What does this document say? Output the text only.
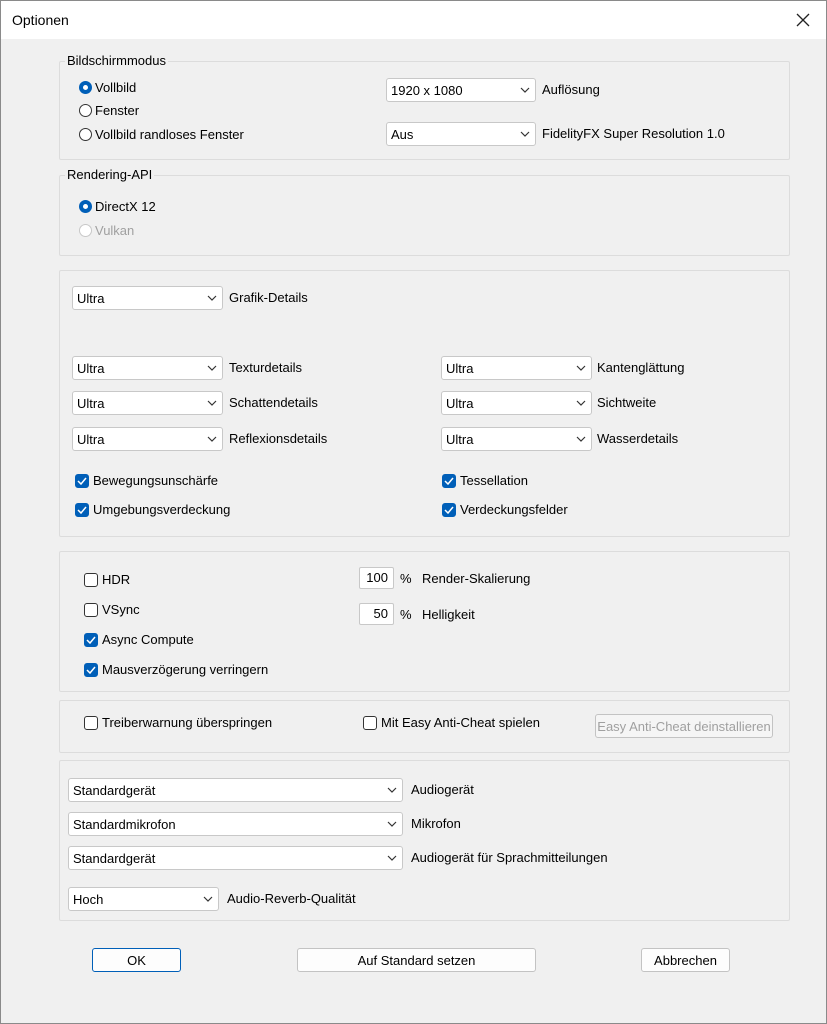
Optionen
Bildschirmmodus
Vollbild
Fenster
Vollbild randloses Fenster
1920 x 1080	Auflösung
Aus	FidelityFX Super Resolution 1.0
Rendering-API
DirectX 12
Vulkan
Ultra	Grafik-Details
Ultra	Texturdetails
Ultra	Schattendetails
Ultra	Reflexionsdetails
Ultra	Kantenglättung
Ultra	Sichtweite
Ultra	Wasserdetails
Bewegungsunschärfe
Umgebungsverdeckung
Tessellation
Verdeckungsfelder
HDR
VSync
Async Compute
Mausverzögerung verringern
100 % Render-Skalierung
50 % Helligkeit
Treiberwarnung überspringen	Mit Easy Anti-Cheat spielen	Easy Anti-Cheat deinstallieren
Standardgerät	Audiogerät
Standardmikrofon	Mikrofon
Standardgerät	Audiogerät für Sprachmitteilungen
Hoch	Audio-Reverb-Qualität
OK	Auf Standard setzen	Abbrechen
